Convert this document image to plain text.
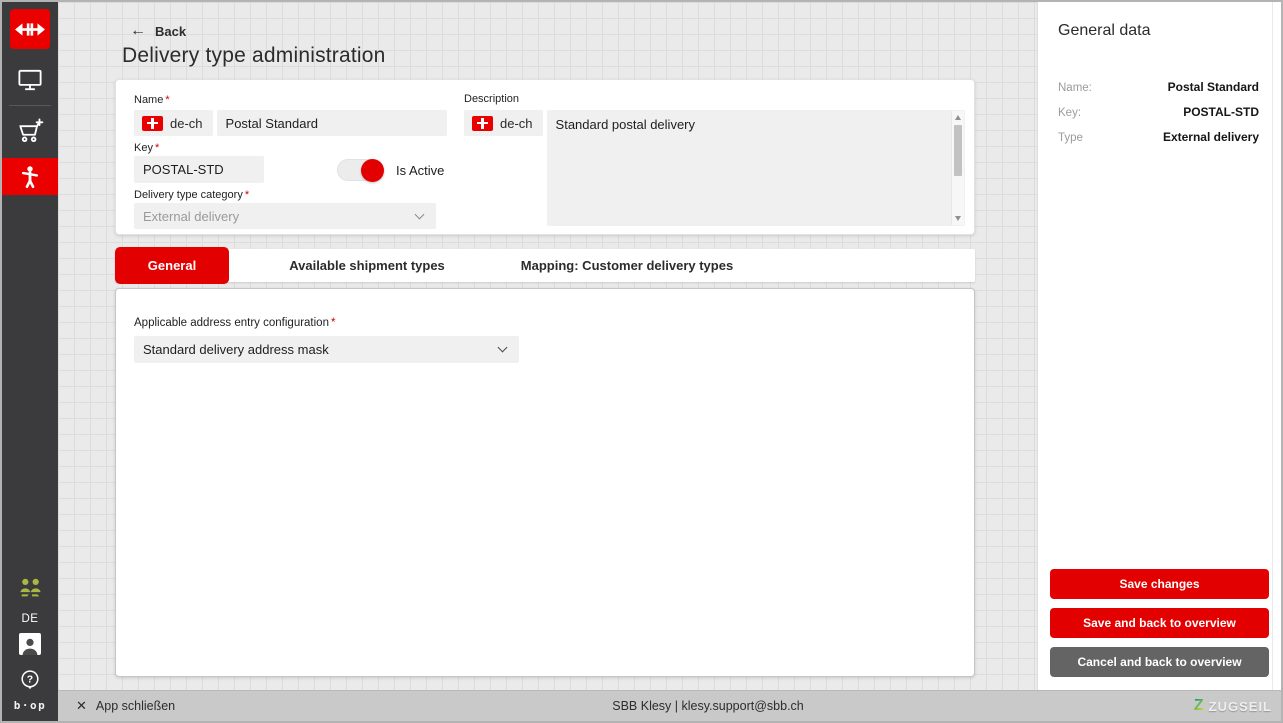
DE
?
b·op
← Back
Delivery type administration
Name *
de-ch
Postal Standard
Key *
POSTAL-STD
Is Active
Delivery type category *
External delivery
Description
de-ch	Standard postal delivery
General	Available shipment types	Mapping: Customer delivery types
Applicable address entry configuration *
Standard delivery address mask
General data
Name:	Postal Standard
Key:	POSTAL-STD
Type	External delivery
Save changes
Save and back to overview
Cancel and back to overview
✕ App schließen	SBB Klesy | klesy.support@sbb.ch	Z ZUGSEIL
